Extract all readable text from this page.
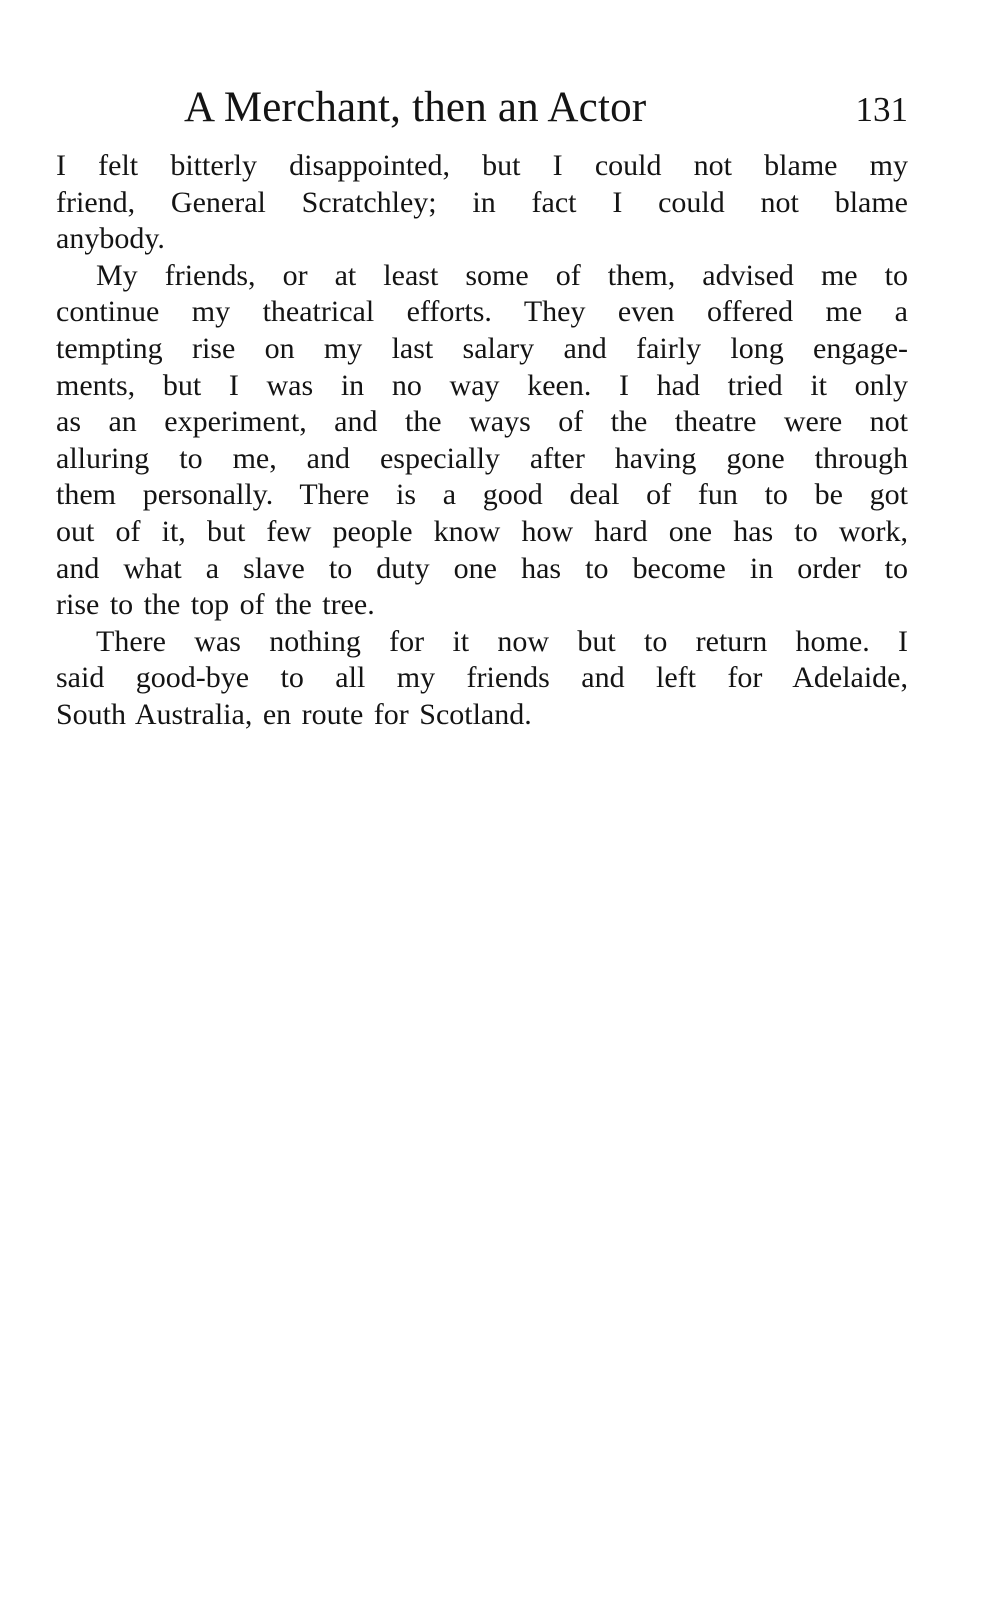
A Merchant, then an Actor	131
I felt bitterly disappointed, but I could not blame my
friend, General Scratchley; in fact I could not blame
anybody.
My friends, or at least some of them, advised me to
continue my theatrical efforts. They even offered me a
tempting rise on my last salary and fairly long engage-
ments, but I was in no way keen. I had tried it only
as an experiment, and the ways of the theatre were not
alluring to me, and especially after having gone through
them personally. There is a good deal of fun to be got
out of it, but few people know how hard one has to work,
and what a slave to duty one has to become in order to
rise to the top of the tree.
There was nothing for it now but to return home. I
said good-bye to all my friends and left for Adelaide,
South Australia, en route for Scotland.
